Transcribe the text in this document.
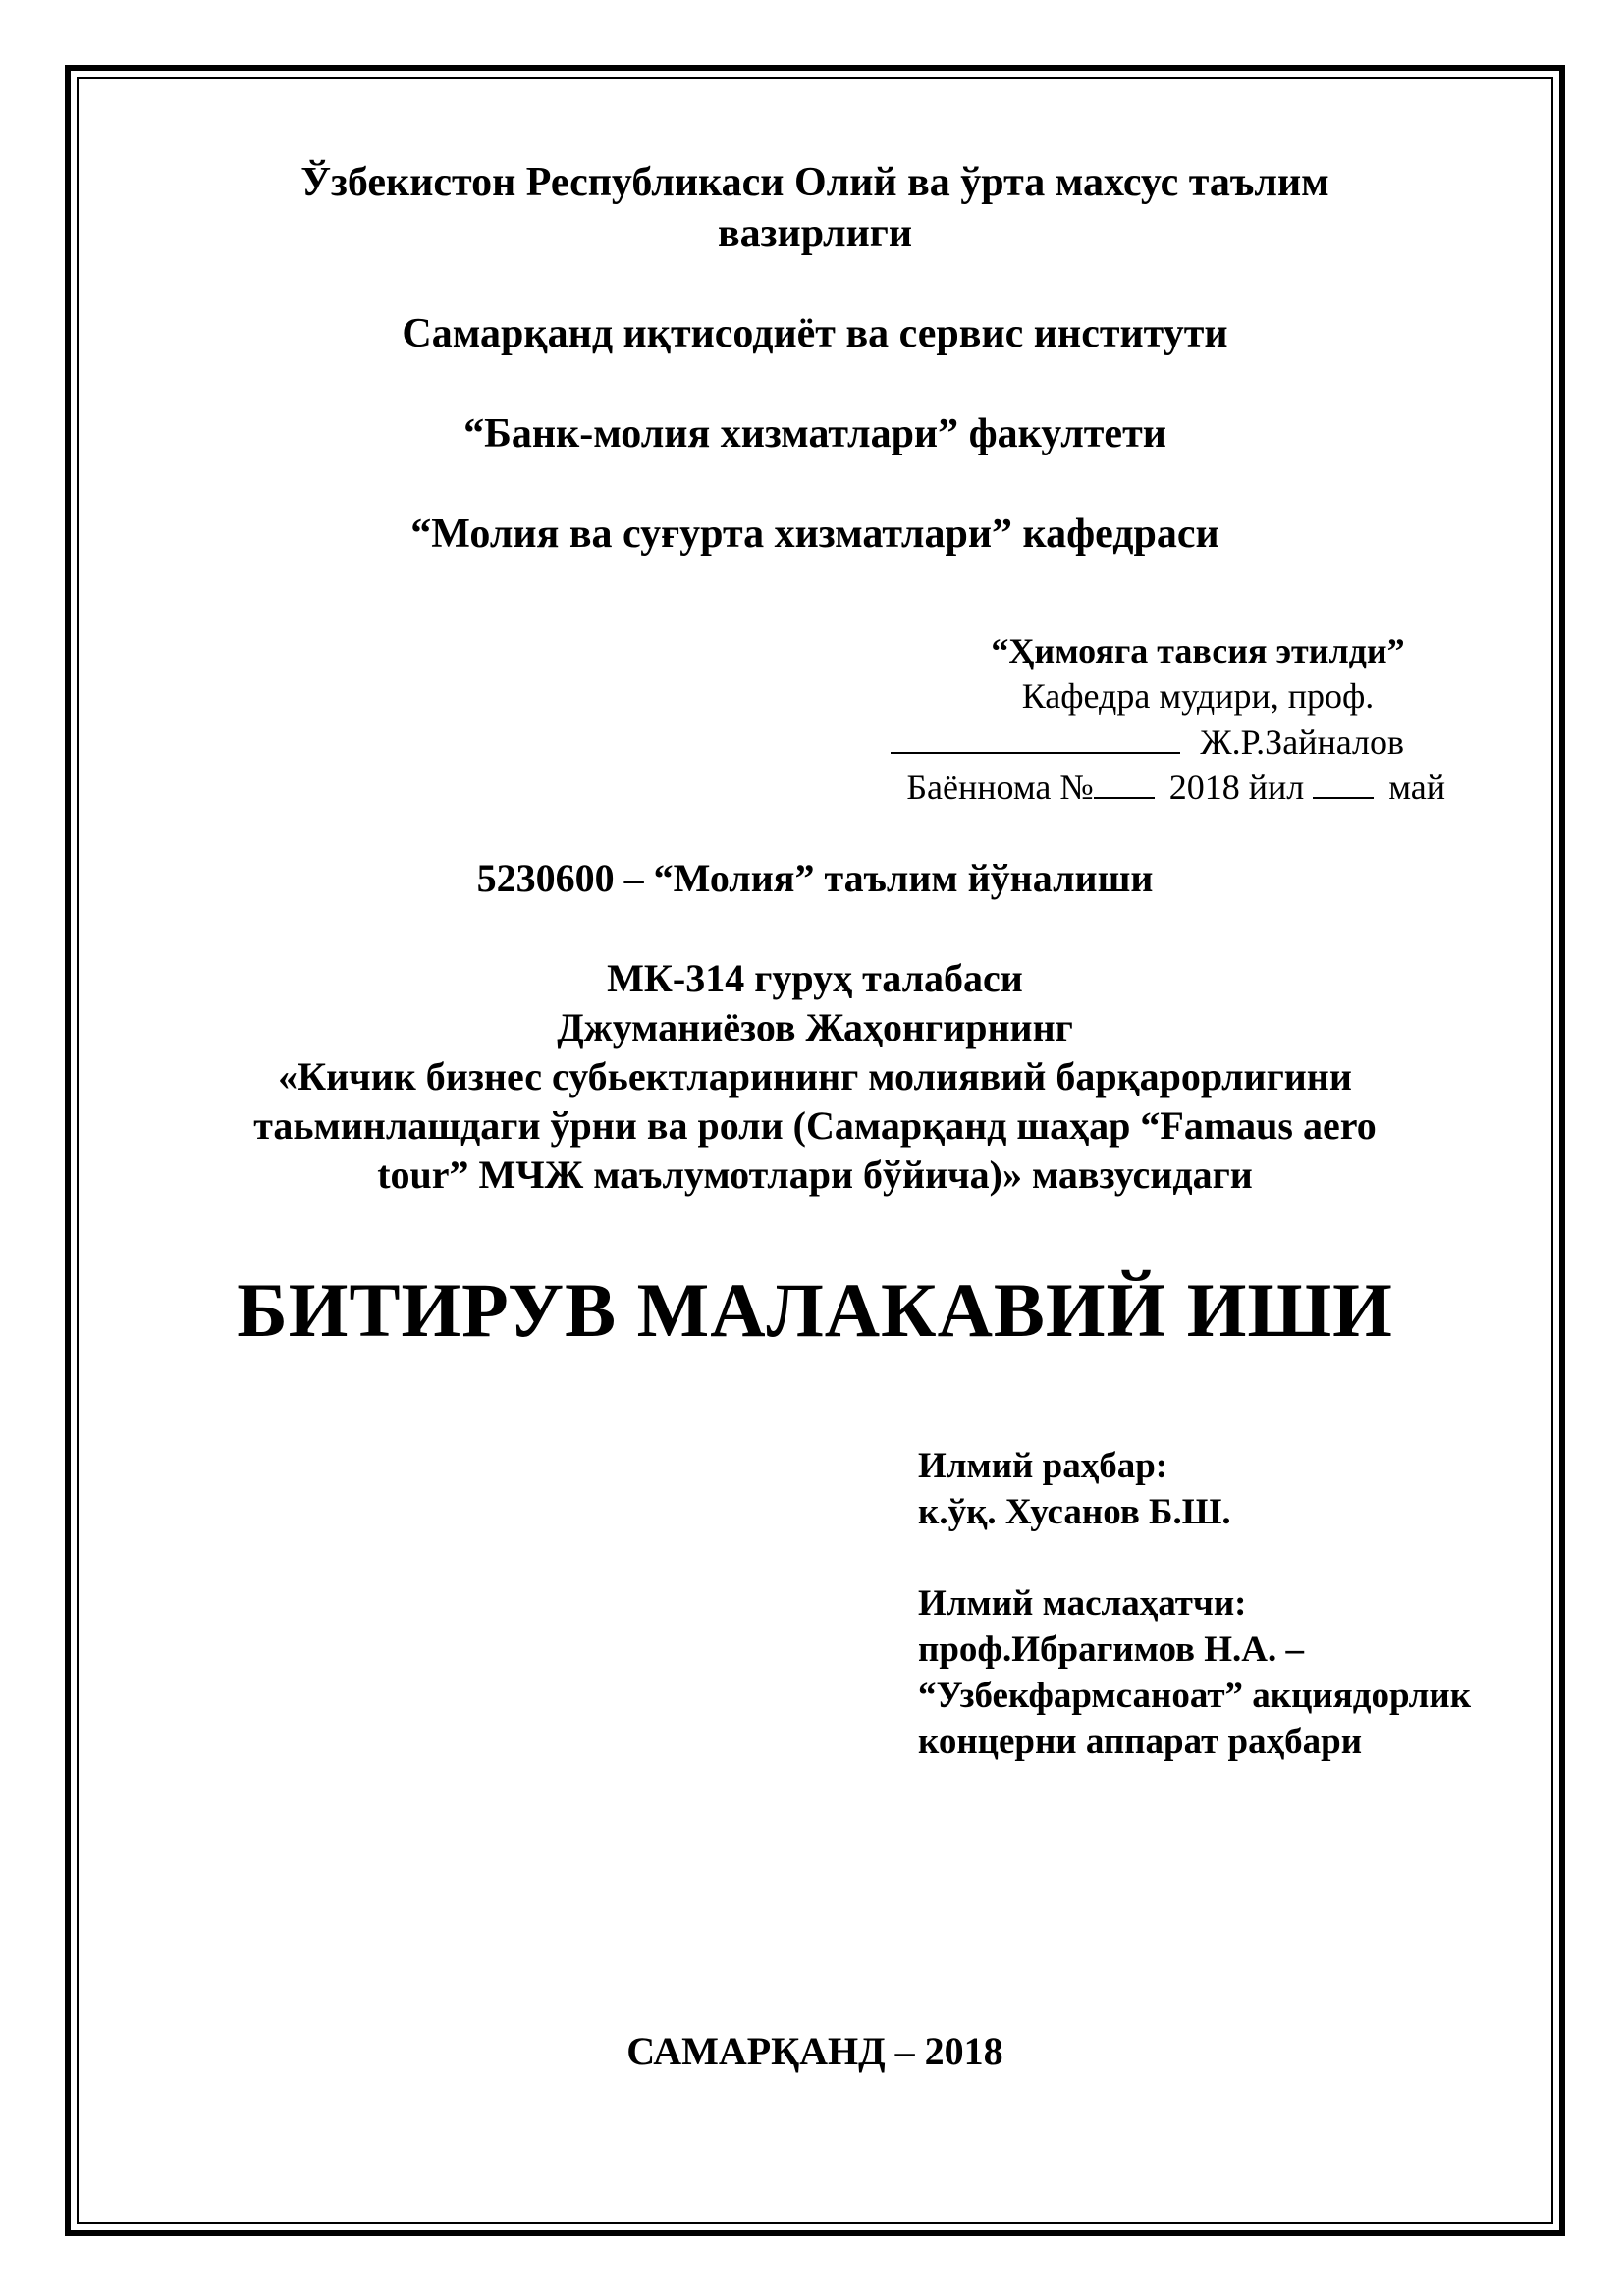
Ўзбекистон Республикаси Олий ва ўрта махсус таълим
вазирлиги
Самарқанд иқтисодиёт ва сервис институти
“Банк-молия хизматлари” факултети
“Молия ва суғурта хизматлари” кафедраси
“Ҳимояга тавсия этилди”
Кафедра мудири, проф.
Ж.Р.Зайналов
Баённома № 2018 йил май
5230600 – “Молия” таълим йўналиши
МК-314 гуруҳ талабаси
Джуманиёзов Жаҳонгирнинг
«Кичик бизнес субьектларининг молиявий барқарорлигини
таьминлашдаги ўрни ва роли (Самарқанд шаҳар “Famaus aero
tour” МЧЖ маълумотлари бўйича)» мавзусидаги
БИТИРУВ МАЛАКАВИЙ ИШИ
Илмий раҳбар:
к.ўқ. Хусанов Б.Ш.
Илмий маслаҳатчи:
проф.Ибрагимов Н.А. –
“Узбекфармсаноат” акциядорлик
концерни аппарат раҳбари
САМАРҚАНД – 2018
